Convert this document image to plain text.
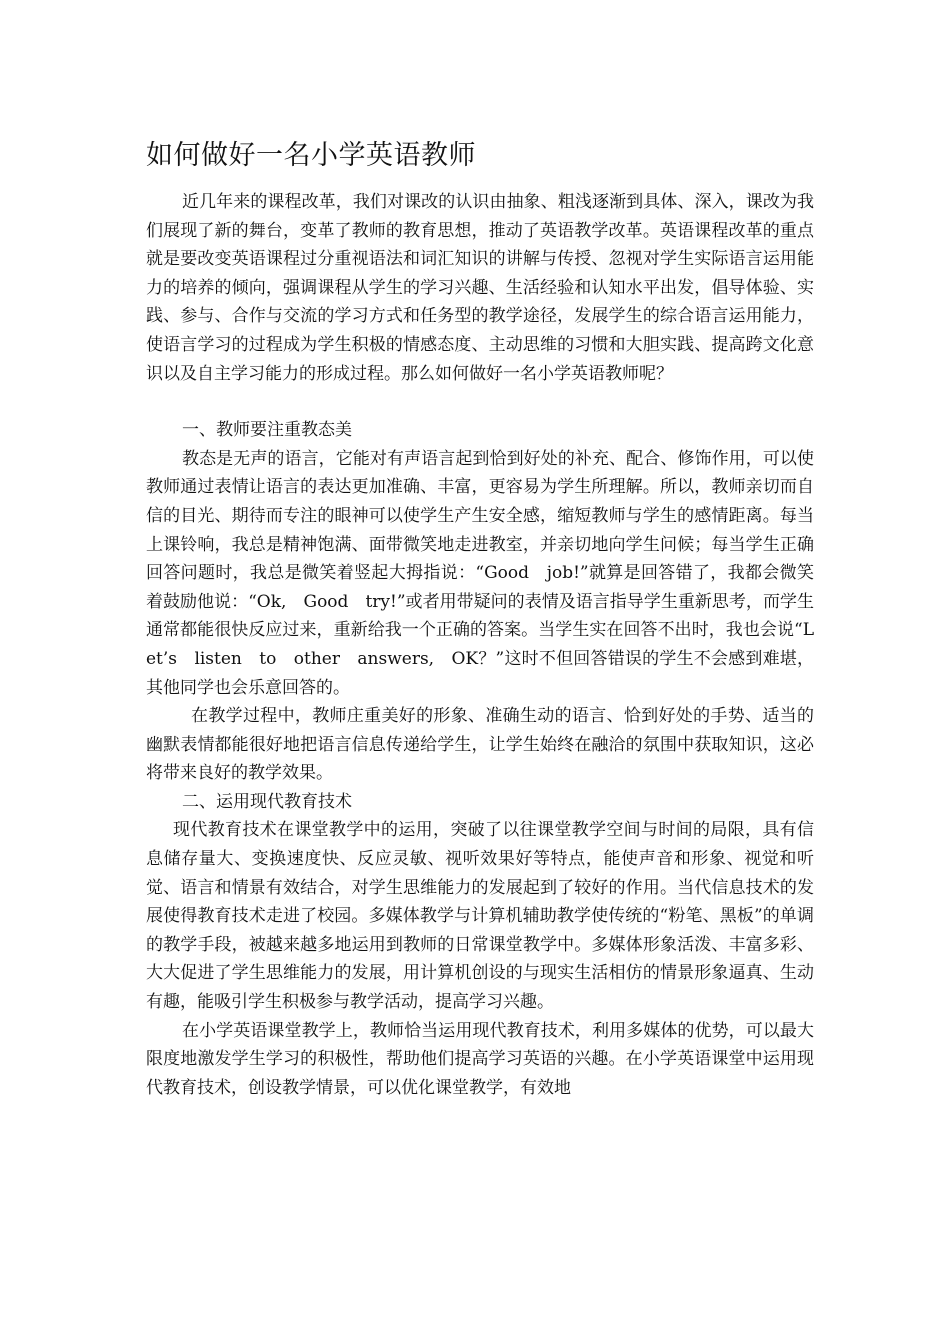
如何做好一名小学英语教师

近几年来的课程改革，我们对课改的认识由抽象、粗浅逐渐到具体、深入，课改为我们展现了新的舞台，变革了教师的教育思想，推动了英语教学改革。英语课程改革的重点就是要改变英语课程过分重视语法和词汇知识的讲解与传授、忽视对学生实际语言运用能力的培养的倾向，强调课程从学生的学习兴趣、生活经验和认知水平出发，倡导体验、实践、参与、合作与交流的学习方式和任务型的教学途径，发展学生的综合语言运用能力，使语言学习的过程成为学生积极的情感态度、主动思维的习惯和大胆实践、提高跨文化意识以及自主学习能力的形成过程。那么如何做好一名小学英语教师呢？

一、教师要注重教态美

教态是无声的语言，它能对有声语言起到恰到好处的补充、配合、修饰作用，可以使教师通过表情让语言的表达更加准确、丰富，更容易为学生所理解。所以，教师亲切而自信的目光、期待而专注的眼神可以使学生产生安全感，缩短教师与学生的感情距离。每当上课铃响，我总是精神饱满、面带微笑地走进教室，并亲切地向学生问候；每当学生正确回答问题时，我总是微笑着竖起大拇指说：“Good　job!”就算是回答错了，我都会微笑着鼓励他说：“Ok,　Good　try!”或者用带疑问的表情及语言指导学生重新思考，而学生通常都能很快反应过来，重新给我一个正确的答案。当学生实在回答不出时，我也会说“Let’s　listen　to　other　answers,　OK？”这时不但回答错误的学生不会感到难堪，其他同学也会乐意回答的。

在教学过程中，教师庄重美好的形象、准确生动的语言、恰到好处的手势、适当的幽默表情都能很好地把语言信息传递给学生，让学生始终在融洽的氛围中获取知识，这必将带来良好的教学效果。

二、运用现代教育技术

现代教育技术在课堂教学中的运用，突破了以往课堂教学空间与时间的局限，具有信息储存量大、变换速度快、反应灵敏、视听效果好等特点，能使声音和形象、视觉和听觉、语言和情景有效结合，对学生思维能力的发展起到了较好的作用。当代信息技术的发展使得教育技术走进了校园。多媒体教学与计算机辅助教学使传统的“粉笔、黑板”的单调的教学手段，被越来越多地运用到教师的日常课堂教学中。多媒体形象活泼、丰富多彩、大大促进了学生思维能力的发展，用计算机创设的与现实生活相仿的情景形象逼真、生动有趣，能吸引学生积极参与教学活动，提高学习兴趣。

在小学英语课堂教学上，教师恰当运用现代教育技术，利用多媒体的优势，可以最大限度地激发学生学习的积极性，帮助他们提高学习英语的兴趣。在小学英语课堂中运用现代教育技术，创设教学情景，可以优化课堂教学，有效地
